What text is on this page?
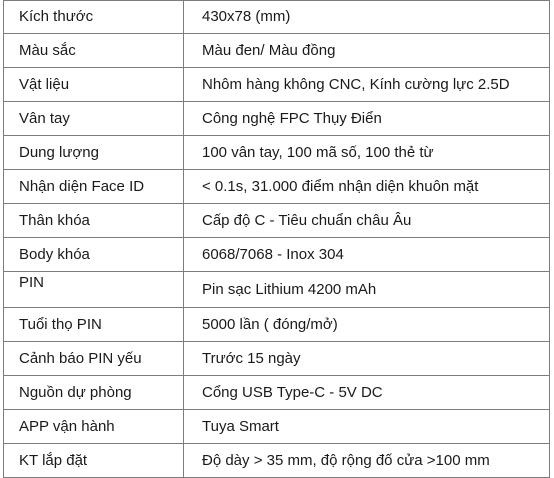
Kích thước	430x78 (mm)
Màu sắc	Màu đen/ Màu đồng
Vật liệu	Nhôm hàng không CNC, Kính cường lực 2.5D
Vân tay	Công nghệ FPC Thụy Điển
Dung lượng	100 vân tay, 100 mã số, 100 thẻ từ
Nhận diện Face ID	< 0.1s, 31.000 điểm nhận diện khuôn mặt
Thân khóa	Cấp độ C - Tiêu chuẩn châu Âu
Body khóa	6068/7068 - Inox 304
PIN	Pin sạc Lithium 4200 mAh
Tuổi thọ PIN	5000 lần ( đóng/mở)
Cảnh báo PIN yếu	Trước 15 ngày
Nguồn dự phòng	Cổng USB Type-C - 5V DC
APP vận hành	Tuya Smart
KT lắp đặt	Độ dày > 35 mm, độ rộng đố cửa >100 mm
